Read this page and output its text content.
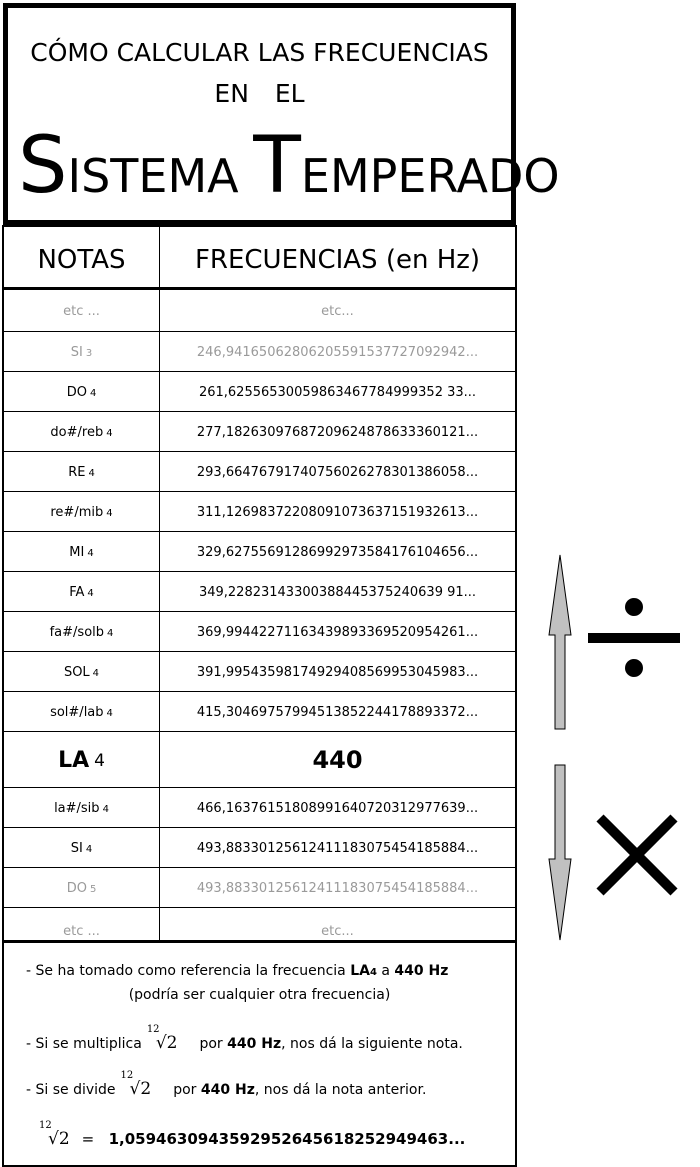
CÓMO CALCULAR LAS FRECUENCIAS
EN EL
SISTEMA TEMPERADO
NOTAS	FRECUENCIAS (en Hz)
etc ...	etc...
SI 3	246,94165062806205591537727092942...
DO 4	261,62556530059863467784999352 33...
do#/reb 4	277,18263097687209624878633360121...
RE 4	293,66476791740756026278301386058...
re#/mib 4	311,12698372208091073637151932613...
MI 4	329,62755691286992973584176104656...
FA 4	349,22823143300388445375240639 91...
fa#/solb 4	369,99442271163439893369520954261...
SOL 4	391,99543598174929408569953045983...
sol#/lab 4	415,30469757994513852244178893372...
LA 4	440
la#/sib 4	466,16376151808991640720312977639...
SI 4	493,88330125612411183075454185884...
DO 5	493,88330125612411183075454185884...
etc ...	etc...
- Se ha tomado como referencia la frecuencia LA4 a 440 Hz
(podría ser cualquier otra frecuencia)
- Si se multiplica
12
√2 por 440 Hz, nos dá la siguiente nota.
- Si se divide
12
√2 por 440 Hz, nos dá la nota anterior.
12
√2 = 1,0594630943592952645618252949463...
